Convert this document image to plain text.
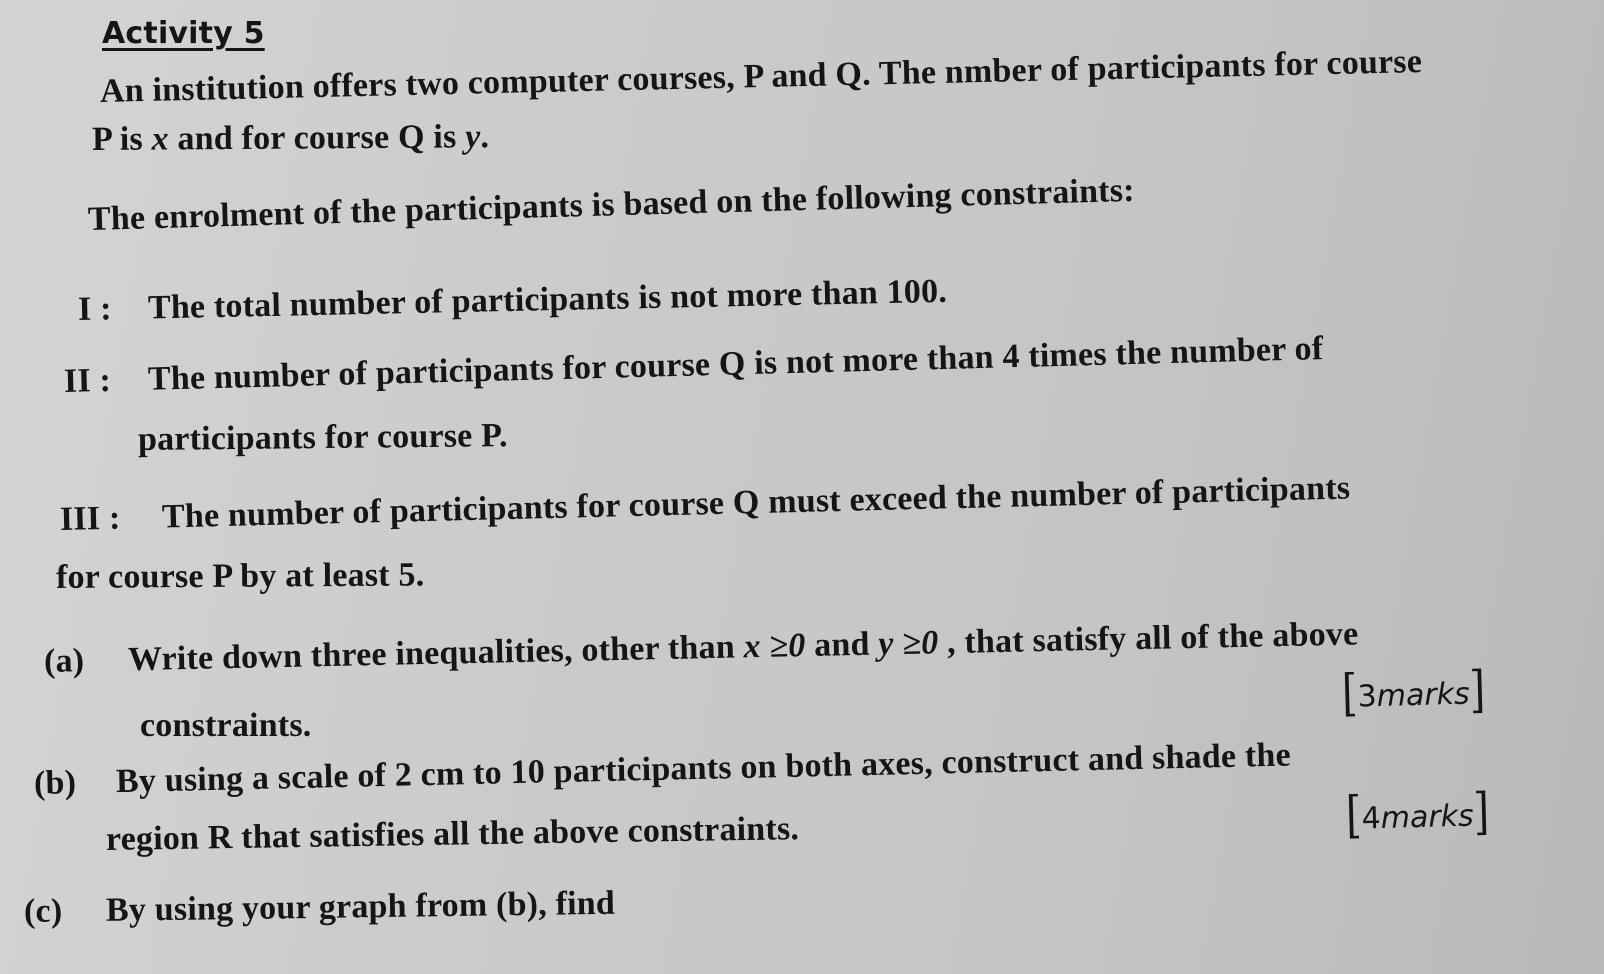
Activity 5
An institution offers two computer courses, P and Q. The nmber of participants for course
P is x and for course Q is y.
The enrolment of the participants is based on the following constraints:
I : The total number of participants is not more than 100.
II : The number of participants for course Q is not more than 4 times the number of
participants for course P.
III : The number of participants for course Q must exceed the number of participants
for course P by at least 5.
(a) Write down three inequalities, other than x ≥0 and y ≥0 , that satisfy all of the above
constraints.
[3marks]
(b) By using a scale of 2 cm to 10 participants on both axes, construct and shade the
region R that satisfies all the above constraints.	[4marks]
(c) By using your graph from (b), find
